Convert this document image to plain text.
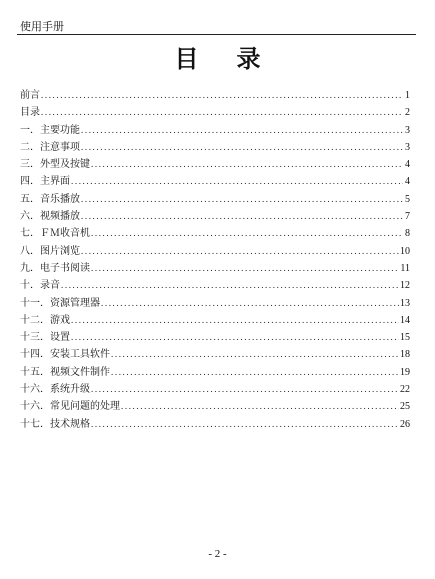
使用手册
目录
前言 .....	1
目录 .....	2
一．主要功能 .....	3
二．注意事项 .....	3
三．外型及按键 .....	4
四．主界面 .....	4
五．音乐播放 .....	5
六．视频播放 .....	7
七．ＦＭ收音机 .....	8
八．图片浏览 .....	10
九．电子书阅读 .....	11
十．录音 .....	12
十一．资源管理器 .....	13
十二．游戏 .....	14
十三．设置 .....	15
十四．安装工具软件 .....	18
十五．视频文件制作 .....	19
十六．系统升级 .....	22
十六．常见问题的处理 .....	25
十七．技术规格 .....	26
- 2 -
